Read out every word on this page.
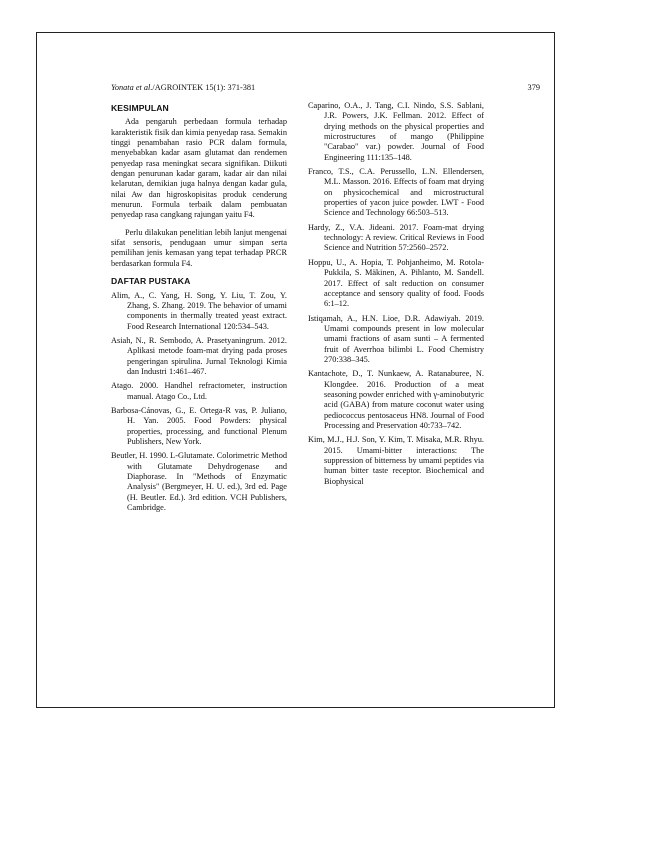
Yonata et al./AGROINTEK 15(1): 371-381	379
KESIMPULAN

Ada pengaruh perbedaan formula terhadap karakteristik fisik dan kimia penyedap rasa. Semakin tinggi penambahan rasio PCR dalam formula, menyebabkan kadar asam glutamat dan rendemen penyedap rasa meningkat secara signifikan. Diikuti dengan penurunan kadar garam, kadar air dan nilai kelarutan, demikian juga halnya dengan kadar gula, nilai Aw dan higroskopisitas produk cenderung menurun. Formula terbaik dalam pembuatan penyedap rasa cangkang rajungan yaitu F4.

Perlu dilakukan penelitian lebih lanjut mengenai sifat sensoris, pendugaan umur simpan serta pemilihan jenis kemasan yang tepat terhadap PRCR berdasarkan formula F4.

DAFTAR PUSTAKA

Alim, A., C. Yang, H. Song, Y. Liu, T. Zou, Y. Zhang, S. Zhang. 2019. The behavior of umami components in thermally treated yeast extract. Food Research International 120:534–543.

Asiah, N., R. Sembodo, A. Prasetyaningrum. 2012. Aplikasi metode foam-mat drying pada proses pengeringan spirulina. Jurnal Teknologi Kimia dan Industri 1:461–467.

Atago. 2000. Handhel refractometer, instruction manual. Atago Co., Ltd.

Barbosa-Cánovas, G., E. Ortega-R vas, P. Juliano, H. Yan. 2005. Food Powders: physical properties, processing, and functional Plenum Publishers, New York.

Beutler, H. 1990. L-Glutamate. Colorimetric Method with Glutamate Dehydrogenase and Diaphorase. In "Methods of Enzymatic Analysis" (Bergmeyer, H. U. ed.), 3rd ed. Page (H. Beutler. Ed.). 3rd edition. VCH Publishers, Cambridge.

Caparino, O.A., J. Tang, C.I. Nindo, S.S. Sablani, J.R. Powers, J.K. Fellman. 2012. Effect of drying methods on the physical properties and microstructures of mango (Philippine "Carabao" var.) powder. Journal of Food Engineering 111:135–148.

Franco, T.S., C.A. Perussello, L.N. Ellendersen, M.L. Masson. 2016. Effects of foam mat drying on physicochemical and microstructural properties of yacon juice powder. LWT - Food Science and Technology 66:503–513.

Hardy, Z., V.A. Jideani. 2017. Foam-mat drying technology: A review. Critical Reviews in Food Science and Nutrition 57:2560–2572.

Hoppu, U., A. Hopia, T. Pohjanheimo, M. Rotola-Pukkila, S. Mäkinen, A. Pihlanto, M. Sandell. 2017. Effect of salt reduction on consumer acceptance and sensory quality of food. Foods 6:1–12.

Istiqamah, A., H.N. Lioe, D.R. Adawiyah. 2019. Umami compounds present in low molecular umami fractions of asam sunti – A fermented fruit of Averrhoa bilimbi L. Food Chemistry 270:338–345.

Kantachote, D., T. Nunkaew, A. Ratanaburee, N. Klongdee. 2016. Production of a meat seasoning powder enriched with γ-aminobutyric acid (GABA) from mature coconut water using pediococcus pentosaceus HN8. Journal of Food Processing and Preservation 40:733–742.

Kim, M.J., H.J. Son, Y. Kim, T. Misaka, M.R. Rhyu. 2015. Umami-bitter interactions: The suppression of bitterness by umami peptides via human bitter taste receptor. Biochemical and Biophysical
